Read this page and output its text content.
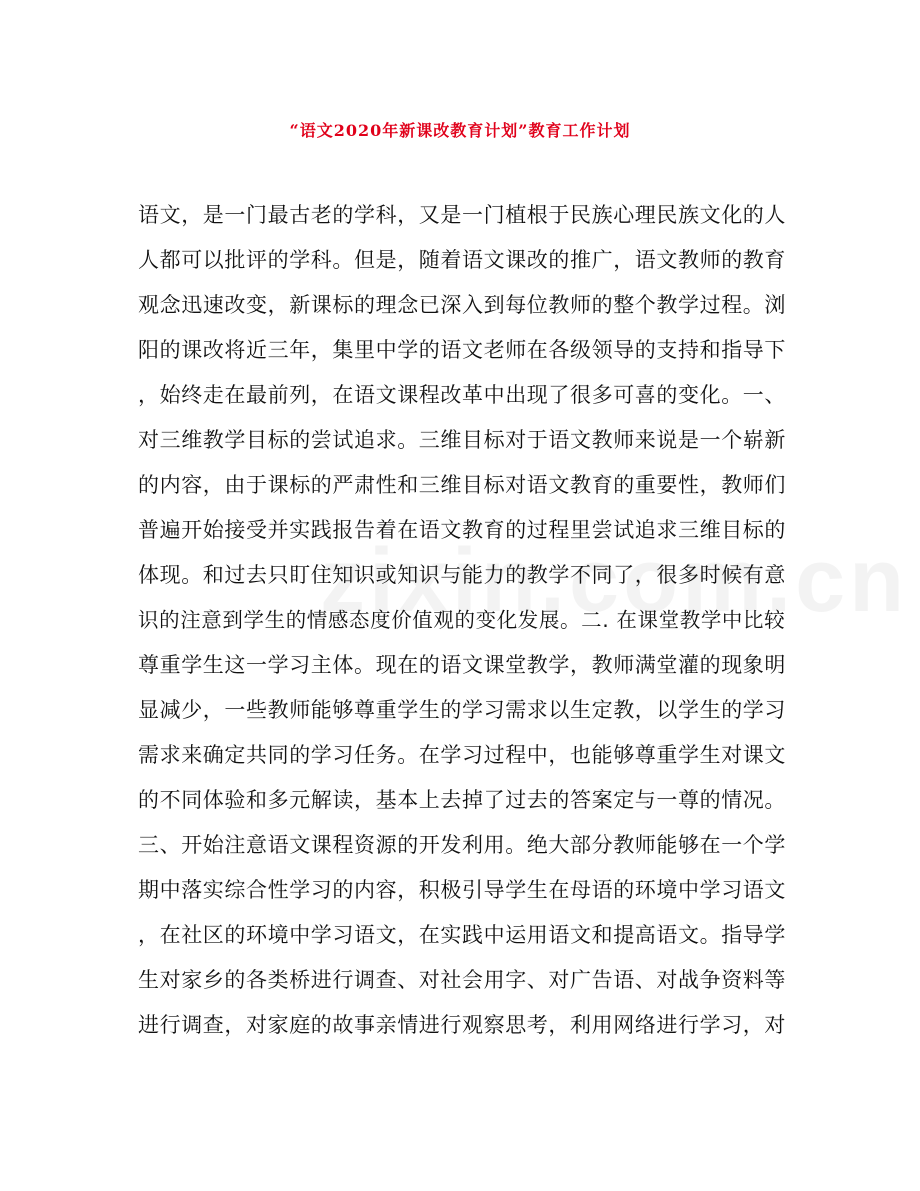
“语文2020年新课改教育计划”教育工作计划
语文，是一门最古老的学科，又是一门植根于民族心理民族文化的人
人都可以批评的学科。但是，随着语文课改的推广，语文教师的教育
观念迅速改变，新课标的理念已深入到每位教师的整个教学过程。浏
阳的课改将近三年，集里中学的语文老师在各级领导的支持和指导下
，始终走在最前列，在语文课程改革中出现了很多可喜的变化。一、
对三维教学目标的尝试追求。三维目标对于语文教师来说是一个崭新
的内容，由于课标的严肃性和三维目标对语文教育的重要性，教师们
普遍开始接受并实践报告着在语文教育的过程里尝试追求三维目标的
体现。和过去只盯住知识或知识与能力的教学不同了，很多时候有意
识的注意到学生的情感态度价值观的变化发展。二. 在课堂教学中比较
尊重学生这一学习主体。现在的语文课堂教学，教师满堂灌的现象明
显减少，一些教师能够尊重学生的学习需求以生定教，以学生的学习
需求来确定共同的学习任务。在学习过程中，也能够尊重学生对课文
的不同体验和多元解读，基本上去掉了过去的答案定与一尊的情况。
三、开始注意语文课程资源的开发利用。绝大部分教师能够在一个学
期中落实综合性学习的内容，积极引导学生在母语的环境中学习语文
，在社区的环境中学习语文，在实践中运用语文和提高语文。指导学
生对家乡的各类桥进行调查、对社会用字、对广告语、对战争资料等
进行调查，对家庭的故事亲情进行观察思考，利用网络进行学习，对
